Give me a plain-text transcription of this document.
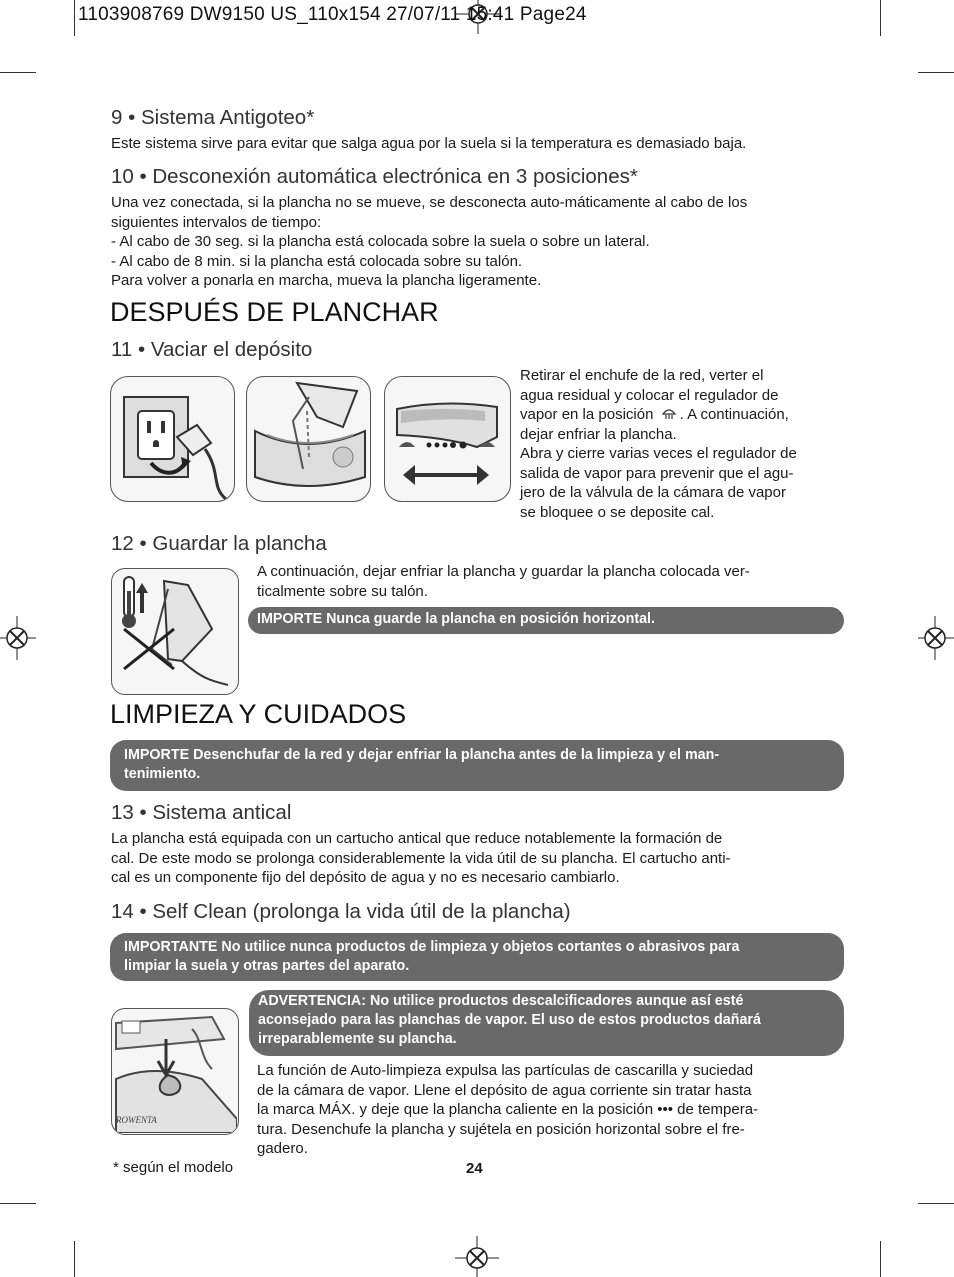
1103908769 DW9150 US_110x154 27/07/11 15:41 Page24
9 • Sistema Antigoteo*
Este sistema sirve para evitar que salga agua por la suela si la temperatura es demasiado baja.
10 • Desconexión automática electrónica en 3 posiciones*
Una vez conectada, si la plancha no se mueve, se desconecta auto-máticamente al cabo de los
siguientes intervalos de tiempo:
- Al cabo de 30 seg. si la plancha está colocada sobre la suela o sobre un lateral.
- Al cabo de 8 min. si la plancha está colocada sobre su talón.
Para volver a ponarla en marcha, mueva la plancha ligeramente.
DESPUÉS DE PLANCHAR
11 • Vaciar el depósito
Retirar el enchufe de la red, verter el
agua residual y colocar el regulador de
vapor en la posición . A continuación,
dejar enfriar la plancha.
Abra y cierre varias veces el regulador de
salida de vapor para prevenir que el agu-
jero de la válvula de la cámara de vapor
se bloquee o se deposite cal.
12 • Guardar la plancha
A continuación, dejar enfriar la plancha y guardar la plancha colocada ver-
ticalmente sobre su talón.
IMPORTE Nunca guarde la plancha en posición horizontal.
LIMPIEZA Y CUIDADOS
IMPORTE Desenchufar de la red y dejar enfriar la plancha antes de la limpieza y el man-
tenimiento.
13 • Sistema antical
La plancha está equipada con un cartucho antical que reduce notablemente la formación de
cal. De este modo se prolonga considerablemente la vida útil de su plancha. El cartucho anti-
cal es un componente fijo del depósito de agua y no es necesario cambiarlo.
14 • Self Clean (prolonga la vida útil de la plancha)
IMPORTANTE No utilice nunca productos de limpieza y objetos cortantes o abrasivos para
limpiar la suela y otras partes del aparato.
ROWENTA
ADVERTENCIA: No utilice productos descalcificadores aunque así esté
aconsejado para las planchas de vapor. El uso de estos productos dañará
irreparablemente su plancha.
La función de Auto-limpieza expulsa las partículas de cascarilla y suciedad
de la cámara de vapor. Llene el depósito de agua corriente sin tratar hasta
la marca MÁX. y deje que la plancha caliente en la posición ••• de tempera-
tura. Desenchufe la plancha y sujétela en posición horizontal sobre el fre-
gadero.
* según el modelo	24
